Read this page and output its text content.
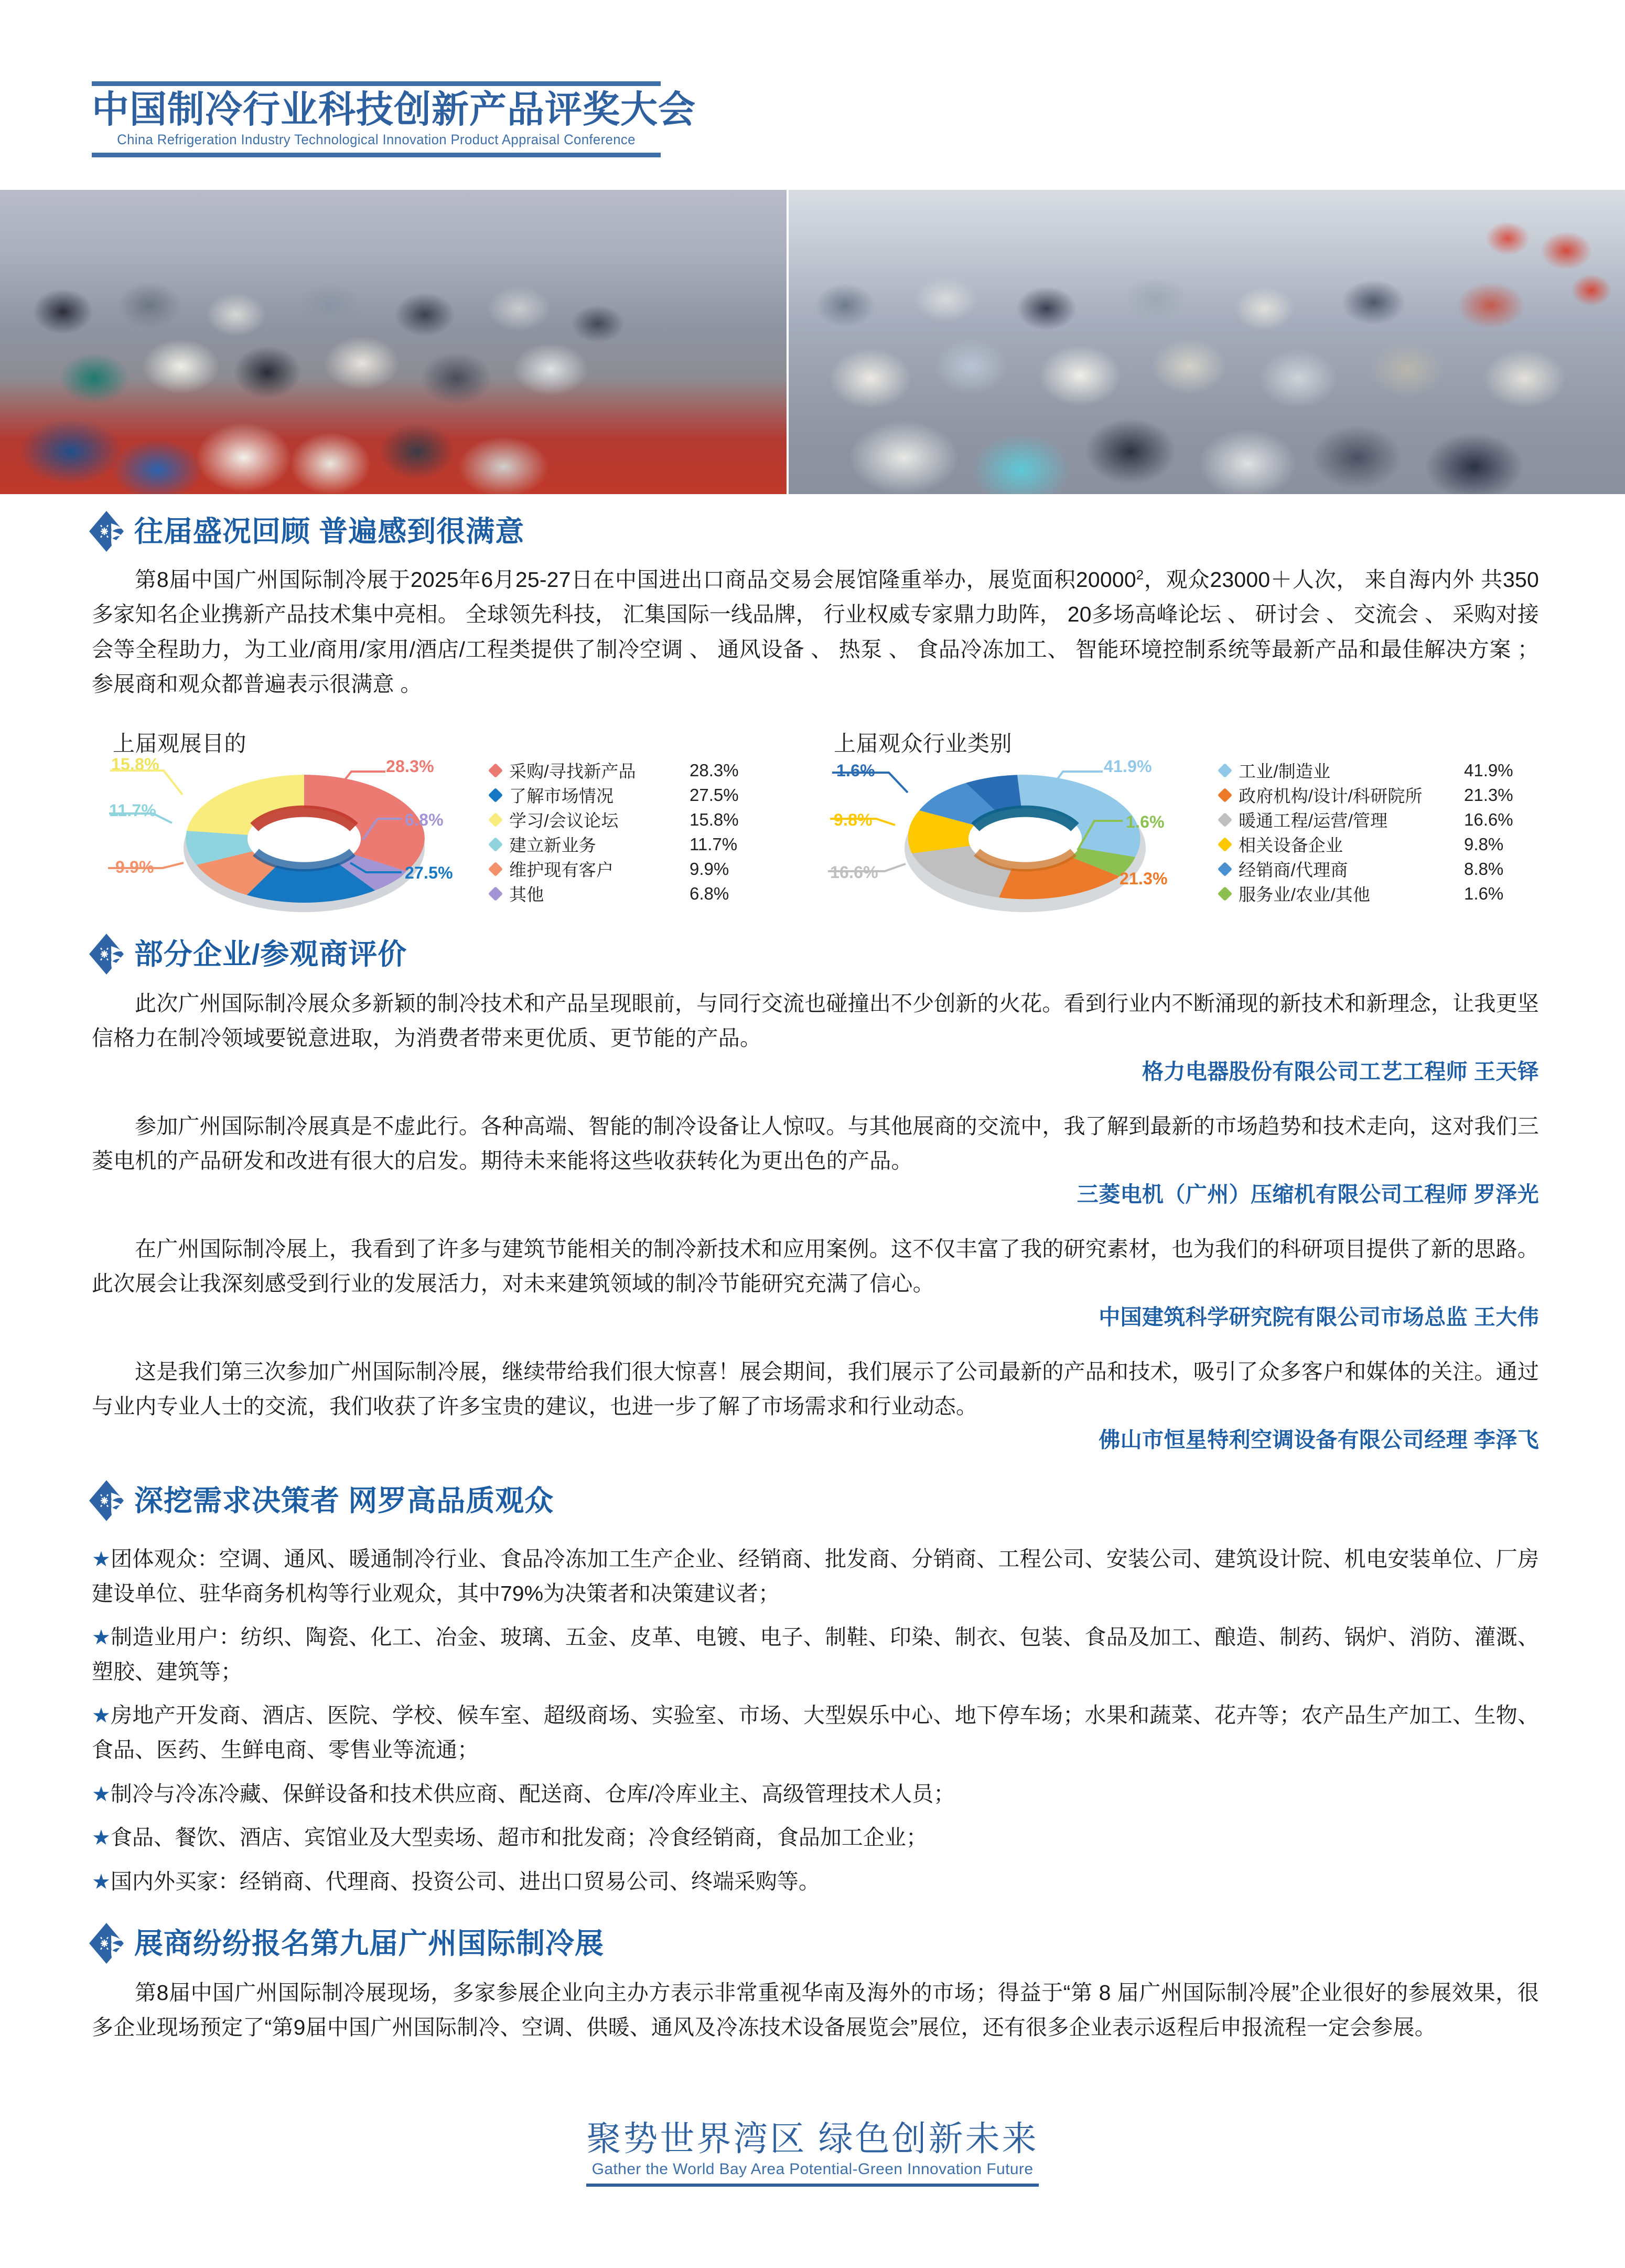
中国制冷行业科技创新产品评奖大会
China Refrigeration Industry Technological Innovation Product Appraisal Conference
往届盛况回顾 普遍感到很满意
第8届中国广州国际制冷展于2025年6月25-27日在中国进出口商品交易会展馆隆重举办，展览面积20000$^2$，观众23000＋人次， 来自海内外 共350多家知名企业携新产品技术集中亮相。 全球领先科技， 汇集国际一线品牌， 行业权威专家鼎力助阵， 20多场高峰论坛 、 研讨会 、 交流会 、 采购对接会等全程助力，为工业/商用/家用/酒店/工程类提供了制冷空调 、 通风设备 、 热泵 、 食品冷冻加工、 智能环境控制系统等最新产品和最佳解决方案 ； 参展商和观众都普遍表示很满意 。
上届观展目的
28.3%
6.8%
27.5%
15.8%
11.7%
9.9%
采购/寻找新产品	28.3%
了解市场情况	27.5%
学习/会议论坛	15.8%
建立新业务	11.7%
维护现有客户	9.9%
其他	6.8%
上届观众行业类别
41.9%
1.6%
21.3%
1.6%
9.8%
16.6%
工业/制造业	41.9%
政府机构/设计/科研院所 21.3%
暖通工程/运营/管理	16.6%
相关设备企业	9.8%
经销商/代理商	8.8%
服务业/农业/其他	1.6%
部分企业/参观商评价
此次广州国际制冷展众多新颖的制冷技术和产品呈现眼前，与同行交流也碰撞出不少创新的火花。看到行业内不断涌现的新技术和新理念，让我更坚信格力在制冷领域要锐意进取，为消费者带来更优质、更节能的产品。
格力电器股份有限公司工艺工程师 王天铎
参加广州国际制冷展真是不虚此行。各种高端、智能的制冷设备让人惊叹。与其他展商的交流中，我了解到最新的市场趋势和技术走向，这对我们三菱电机的产品研发和改进有很大的启发。期待未来能将这些收获转化为更出色的产品。
三菱电机（广州）压缩机有限公司工程师 罗泽光
在广州国际制冷展上，我看到了许多与建筑节能相关的制冷新技术和应用案例。这不仅丰富了我的研究素材，也为我们的科研项目提供了新的思路。此次展会让我深刻感受到行业的发展活力，对未来建筑领域的制冷节能研究充满了信心。
中国建筑科学研究院有限公司市场总监 王大伟
这是我们第三次参加广州国际制冷展，继续带给我们很大惊喜！展会期间，我们展示了公司最新的产品和技术，吸引了众多客户和媒体的关注。通过与业内专业人士的交流，我们收获了许多宝贵的建议，也进一步了解了市场需求和行业动态。
佛山市恒星特利空调设备有限公司经理 李泽飞
深挖需求决策者 网罗高品质观众
★团体观众：空调、通风、暖通制冷行业、食品冷冻加工生产企业、经销商、批发商、分销商、工程公司、安装公司、建筑设计院、机电安装单位、厂房建设单位、驻华商务机构等行业观众，其中79%为决策者和决策建议者；
★制造业用户：纺织、陶瓷、化工、冶金、玻璃、五金、皮革、电镀、电子、制鞋、印染、制衣、包装、食品及加工、酿造、制药、锅炉、消防、灌溉、塑胶、建筑等；
★房地产开发商、酒店、医院、学校、候车室、超级商场、实验室、市场、大型娱乐中心、地下停车场；水果和蔬菜、花卉等；农产品生产加工、生物、食品、医药、生鲜电商、零售业等流通；
★制冷与冷冻冷藏、保鲜设备和技术供应商、配送商、仓库/冷库业主、高级管理技术人员；
★食品、餐饮、酒店、宾馆业及大型卖场、超市和批发商；冷食经销商，食品加工企业；
★国内外买家：经销商、代理商、投资公司、进出口贸易公司、终端采购等。
展商纷纷报名第九届广州国际制冷展
第8届中国广州国际制冷展现场，多家参展企业向主办方表示非常重视华南及海外的市场；得益于“第 8 届广州国际制冷展”企业很好的参展效果，很多企业现场预定了“第9届中国广州国际制冷、空调、供暖、通风及冷冻技术设备展览会”展位，还有很多企业表示返程后申报流程一定会参展。
聚势世界湾区 绿色创新未来
Gather the World Bay Area Potential-Green Innovation Future
